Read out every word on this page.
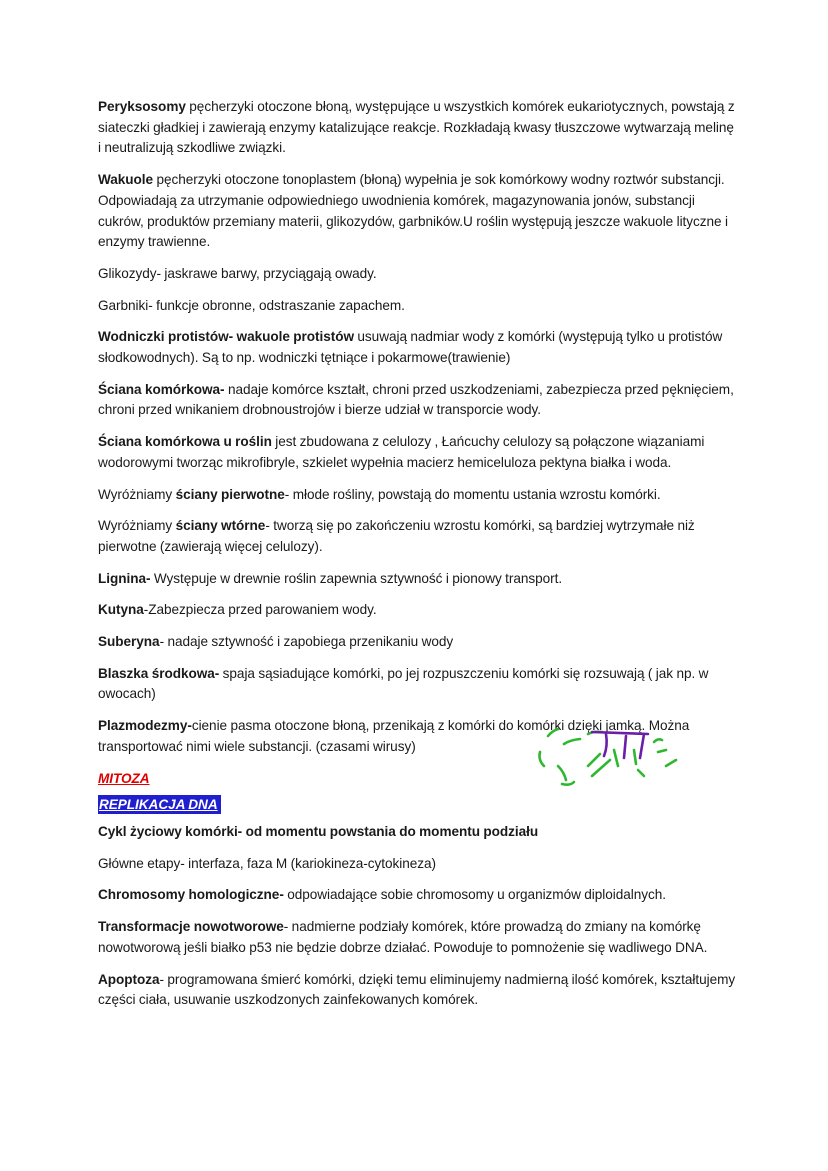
Peryksosomy pęcherzyki otoczone błoną, występujące u wszystkich komórek eukariotycznych, powstają z siateczki gładkiej i zawierają enzymy katalizujące reakcje. Rozkładają kwasy tłuszczowe wytwarzają melinę i neutralizują szkodliwe związki.

Wakuole pęcherzyki otoczone tonoplastem (błoną) wypełnia je sok komórkowy wodny roztwór substancji. Odpowiadają za utrzymanie odpowiedniego uwodnienia komórek, magazynowania jonów, substancji cukrów, produktów przemiany materii, glikozydów, garbników.U roślin występują jeszcze wakuole lityczne i enzymy trawienne.

Glikozydy- jaskrawe barwy, przyciągają owady.

Garbniki- funkcje obronne, odstraszanie zapachem.

Wodniczki protistów- wakuole protistów usuwają nadmiar wody z komórki (występują tylko u protistów słodkowodnych). Są to np. wodniczki tętniące i pokarmowe(trawienie)

Ściana komórkowa- nadaje komórce kształt, chroni przed uszkodzeniami, zabezpiecza przed pęknięciem, chroni przed wnikaniem drobnoustrojów i bierze udział w transporcie wody.

Ściana komórkowa u roślin jest zbudowana z celulozy , Łańcuchy celulozy są połączone wiązaniami wodorowymi tworząc mikrofibryle, szkielet wypełnia macierz hemiceluloza pektyna białka i woda.

Wyróżniamy ściany pierwotne- młode rośliny, powstają do momentu ustania wzrostu komórki.

Wyróżniamy ściany wtórne- tworzą się po zakończeniu wzrostu komórki, są bardziej wytrzymałe niż pierwotne (zawierają więcej celulozy).

Lignina- Występuje w drewnie roślin zapewnia sztywność i pionowy transport.

Kutyna-Zabezpiecza przed parowaniem wody.

Suberyna- nadaje sztywność i zapobiega przenikaniu wody

Blaszka środkowa- spaja sąsiadujące komórki, po jej rozpuszczeniu komórki się rozsuwają ( jak np. w owocach)

Plazmodezmy-cienie pasma otoczone błoną, przenikają z komórki do komórki dzięki jamką. Można transportować nimi wiele substancji. (czasami wirusy)

MITOZA

REPLIKACJA DNA

Cykl życiowy komórki- od momentu powstania do momentu podziału

Główne etapy- interfaza, faza M (kariokineza-cytokineza)

Chromosomy homologiczne- odpowiadające sobie chromosomy u organizmów diploidalnych.

Transformacje nowotworowe- nadmierne podziały komórek, które prowadzą do zmiany na komórkę nowotworową jeśli białko p53 nie będzie dobrze działać. Powoduje to pomnożenie się wadliwego DNA.

Apoptoza- programowana śmierć komórki, dzięki temu eliminujemy nadmierną ilość komórek, kształtujemy części ciała, usuwanie uszkodzonych zainfekowanych komórek.
